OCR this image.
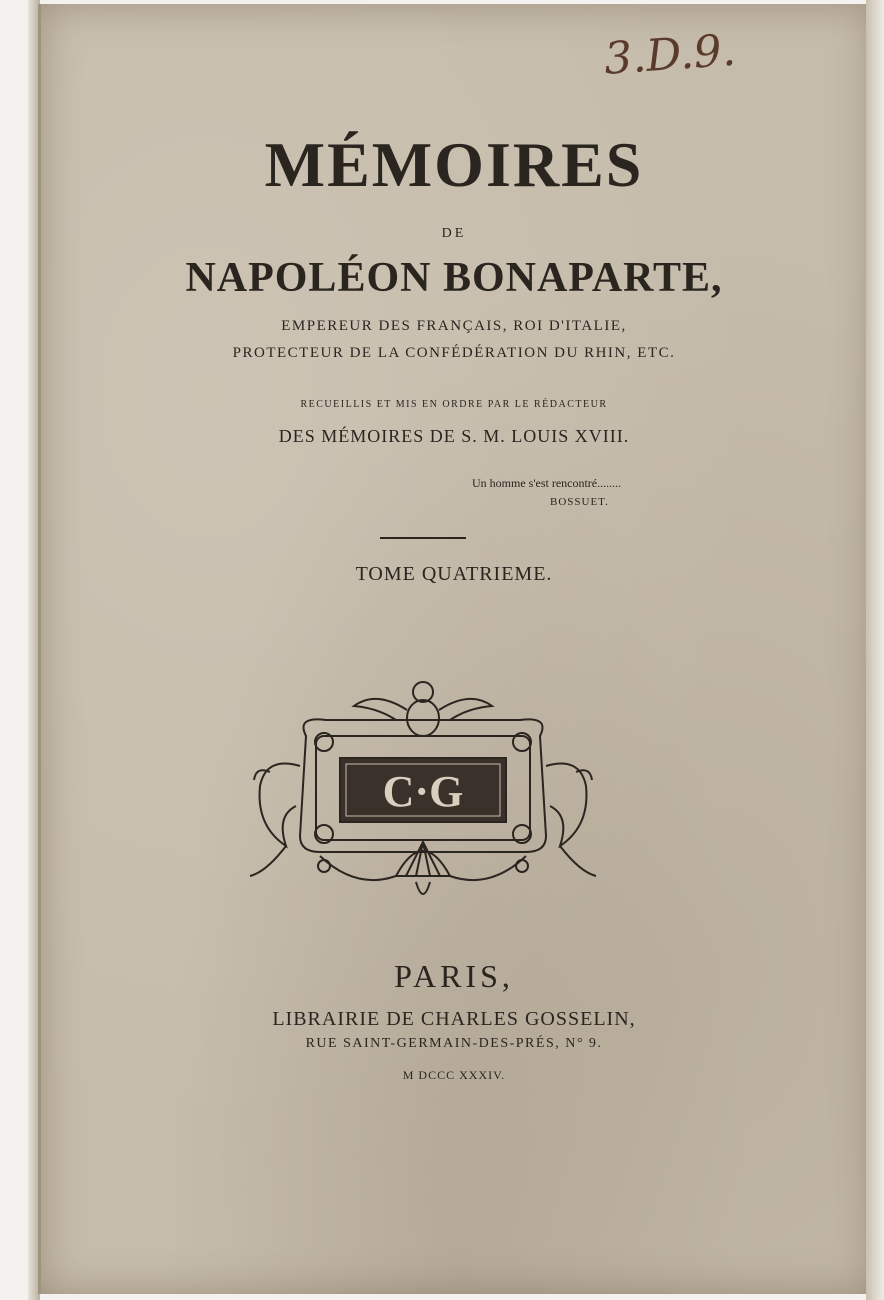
3.D.9.
MÉMOIRES
DE
NAPOLÉON BONAPARTE,
EMPEREUR DES FRANÇAIS, ROI D'ITALIE,
PROTECTEUR DE LA CONFÉDÉRATION DU RHIN, ETC.
RECUEILLIS ET MIS EN ORDRE PAR LE RÉDACTEUR
DES MÉMOIRES DE S. M. LOUIS XVIII.
Un homme s'est rencontré........
BOSSUET.
TOME QUATRIEME.
C·G
PARIS,
LIBRAIRIE DE CHARLES GOSSELIN,
RUE SAINT-GERMAIN-DES-PRÉS, N° 9.
M DCCC XXXIV.
